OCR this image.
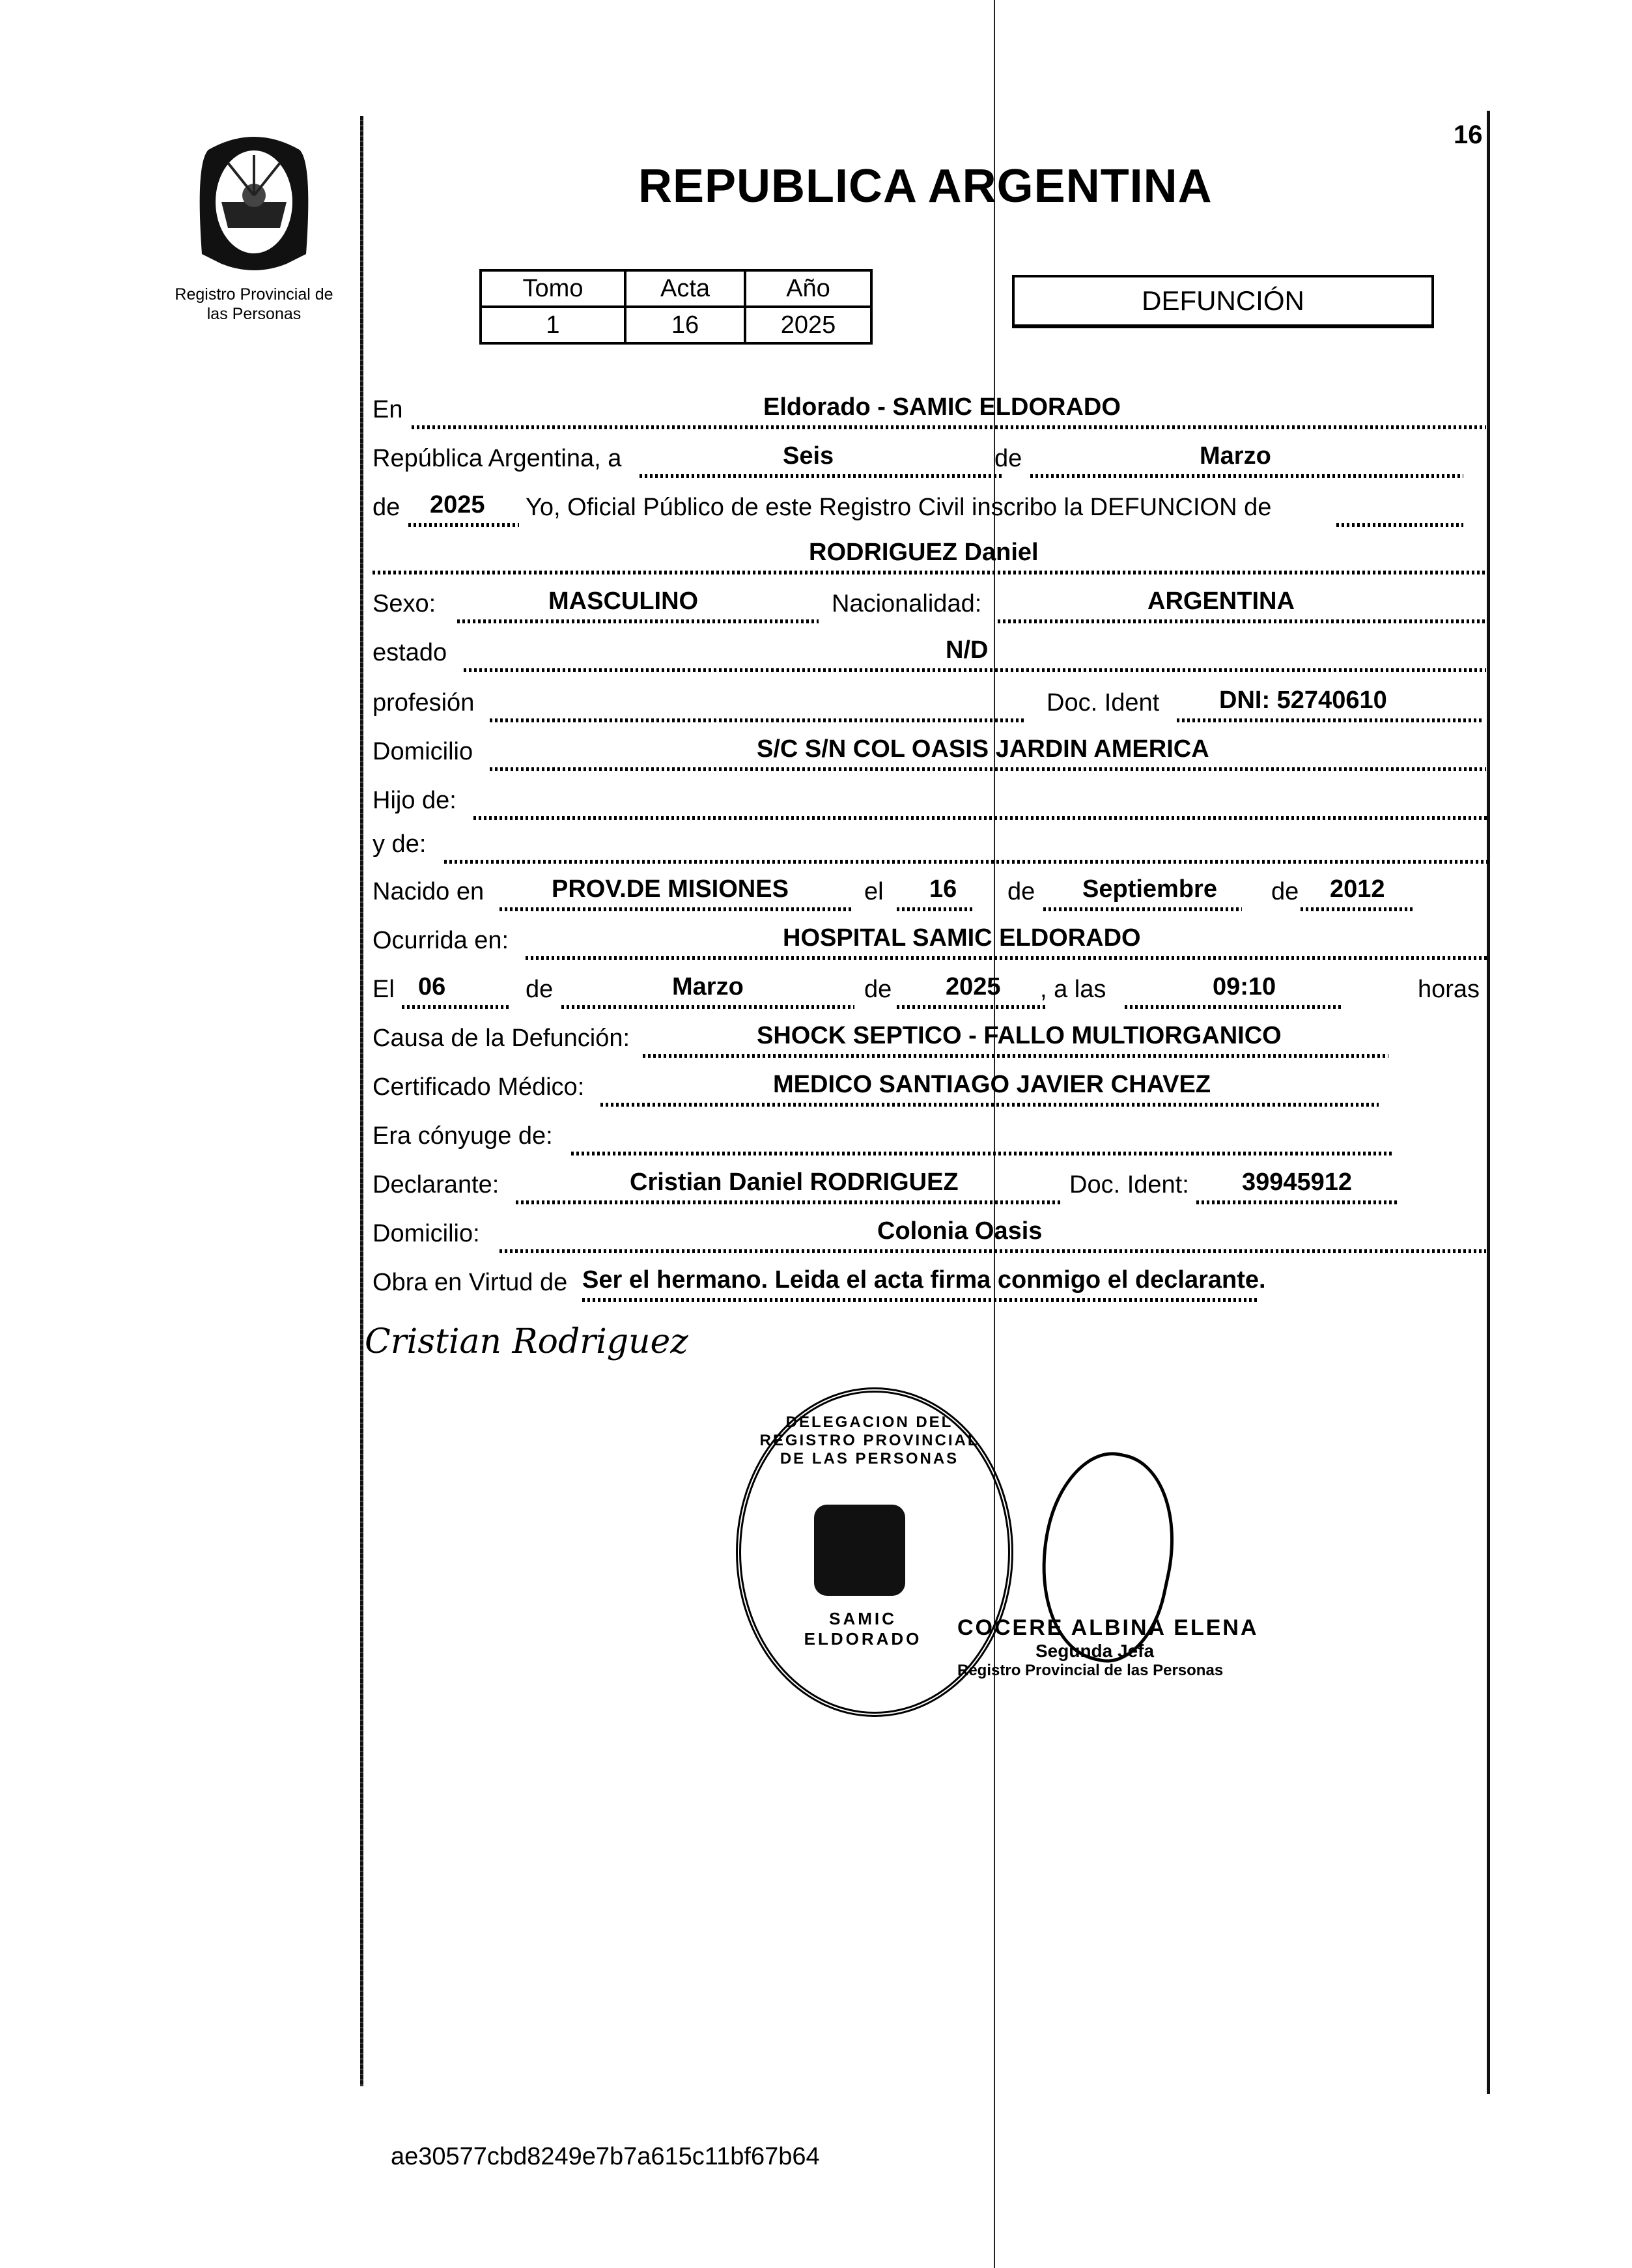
16
Registro Provincial de
las Personas
REPUBLICA ARGENTINA
Tomo	Acta	Año
1	16	2025
DEFUNCIÓN
En	Eldorado - SAMIC ELDORADO
República Argentina, a	Seis	de	Marzo
de 2025 Yo, Oficial Público de este Registro Civil inscribo la DEFUNCION de
RODRIGUEZ Daniel
Sexo:	MASCULINO	Nacionalidad:	ARGENTINA
estado	N/D
profesión	Doc. Ident DNI: 52740610
Domicilio	S/C S/N COL OASIS JARDIN AMERICA
Hijo de:
y de:
Nacido en	PROV.DE MISIONES	el 16 de Septiembre de 2012
Ocurrida en:	HOSPITAL SAMIC ELDORADO
El 06	de	Marzo	de 2025 , a las	09:10	horas
Causa de la Defunción:	SHOCK SEPTICO - FALLO MULTIORGANICO
Certificado Médico:	MEDICO SANTIAGO JAVIER CHAVEZ
Era cónyuge de:
Declarante:	Cristian Daniel RODRIGUEZ	Doc. Ident: 39945912
Domicilio:	Colonia Oasis
Obra en Virtud de Ser el hermano. Leida el acta firma conmigo el declarante.
Cristian Rodriguez
DELEGACION DEL REGISTRO PROVINCIAL DE LAS PERSONAS
SAMIC ELDORADO COCERE ALBINA ELENA
Segunda Jefa
Registro Provincial de las Personas
ae30577cbd8249e7b7a615c11bf67b64
